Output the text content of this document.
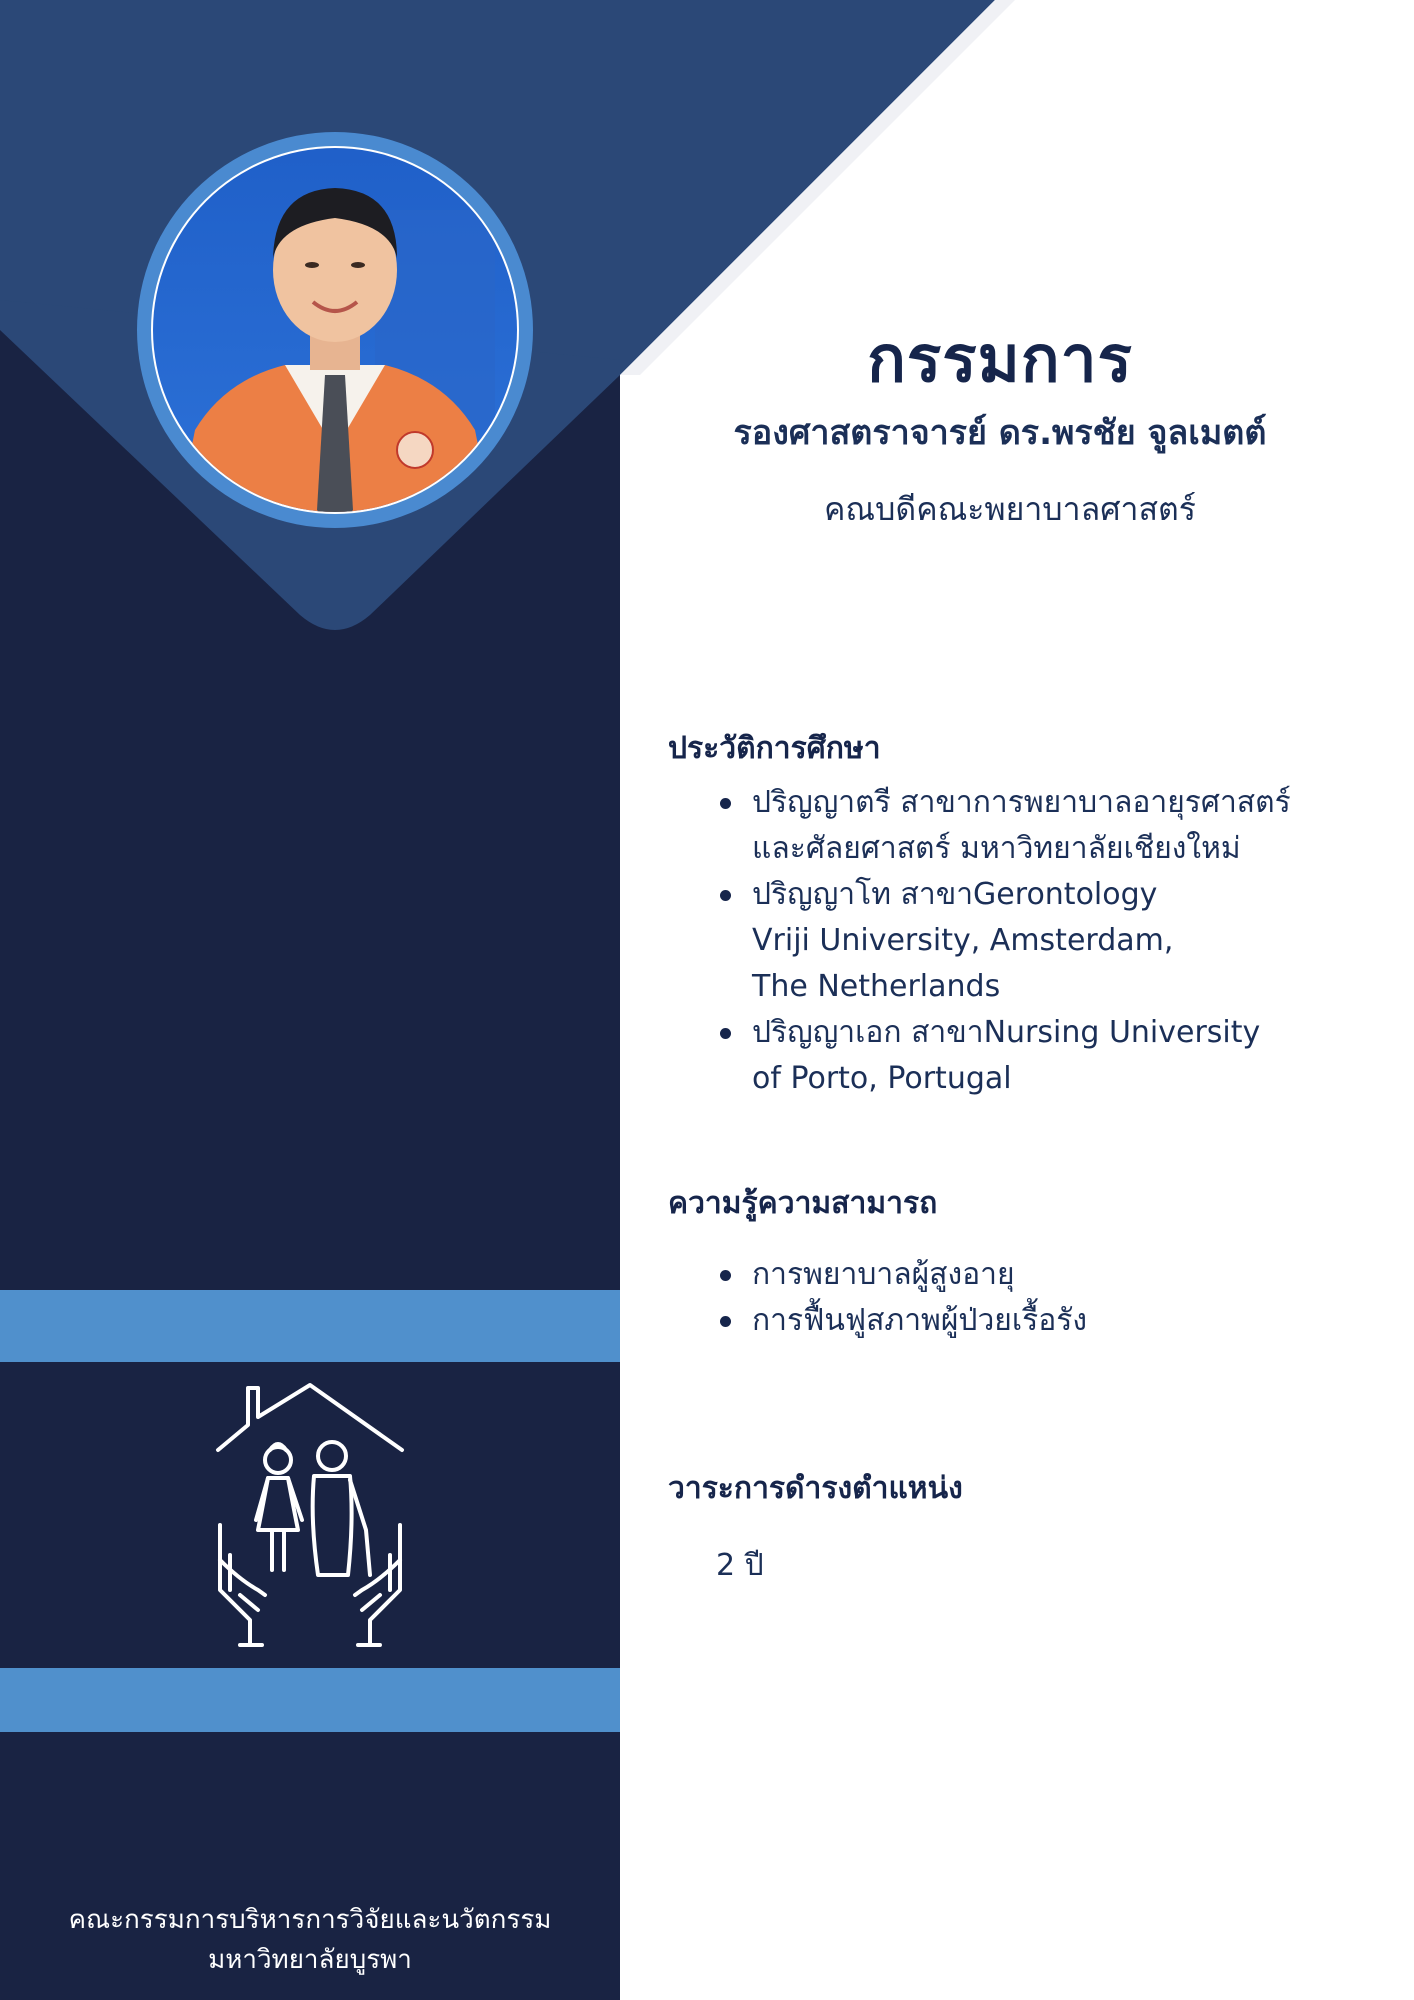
กรรมการ
รองศาสตราจารย์ ดร.พรชัย จูลเมตต์
คณบดีคณะพยาบาลศาสตร์
ประวัติการศึกษา
ปริญญาตรี สาขาการพยาบาลอายุรศาสตร์
และศัลยศาสตร์ มหาวิทยาลัยเชียงใหม่
ปริญญาโท สาขาGerontology
Vriji University, Amsterdam,
The Netherlands
ปริญญาเอก สาขาNursing University
of Porto, Portugal
ความรู้ความสามารถ
การพยาบาลผู้สูงอายุ
การฟื้นฟูสภาพผู้ป่วยเรื้อรัง
วาระการดำรงตำแหน่ง
2 ปี
คณะกรรมการบริหารการวิจัยและนวัตกรรม
มหาวิทยาลัยบูรพา
